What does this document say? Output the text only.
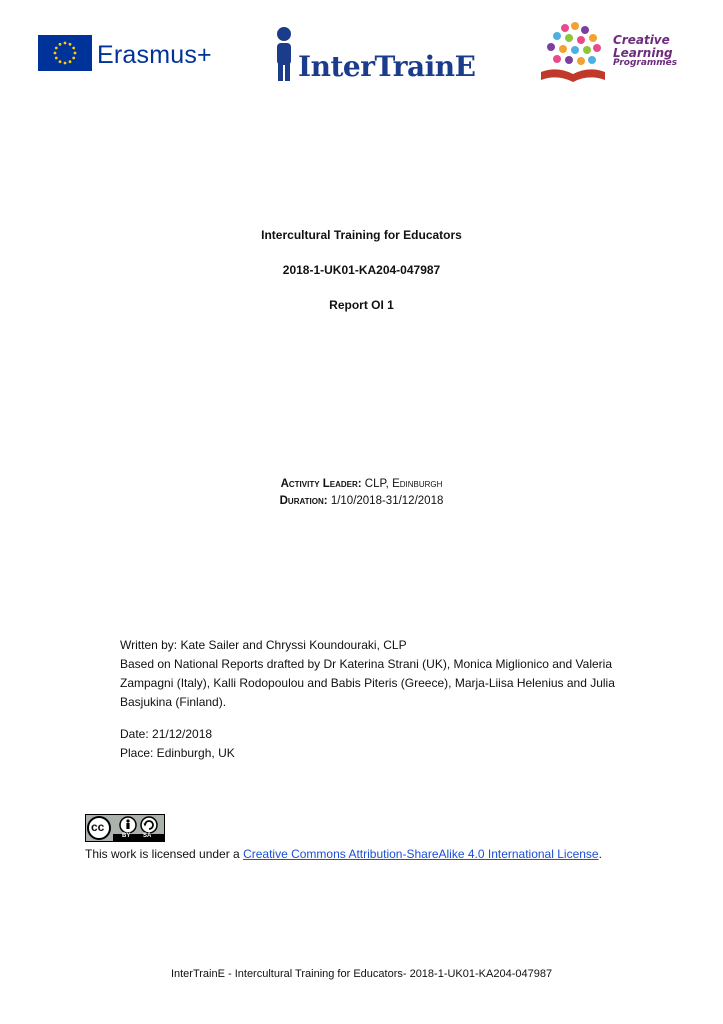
Erasmus+	InterTrainE
Creative
Learning
Programmes
Intercultural Training for Educators
2018-1-UK01-KA204-047987
Report OI 1
Activity Leader: CLP, Edinburgh
Duration: 1/10/2018-31/12/2018
Written by: Kate Sailer and Chryssi Koundouraki, CLP
Based on National Reports drafted by Dr Katerina Strani (UK), Monica Miglionico and Valeria Zampagni (Italy), Kalli Rodopoulou and Babis Piteris (Greece), Marja-Liisa Helenius and Julia Basjukina (Finland).
Date: 21/12/2018
Place: Edinburgh, UK
cc
BY SA
This work is licensed under a Creative Commons Attribution-ShareAlike 4.0 International License.
InterTrainE - Intercultural Training for Educators- 2018-1-UK01-KA204-047987
